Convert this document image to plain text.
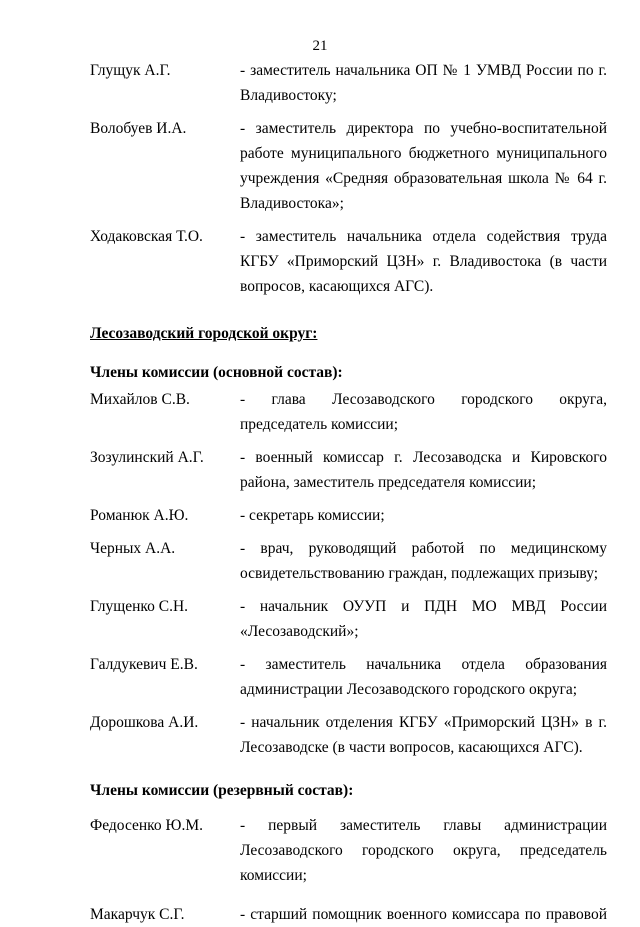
21
Глущук А.Г.	- заместитель начальника ОП № 1 УМВД России по г. Владивостоку;
Волобуев И.А.	- заместитель директора по учебно-воспитательной работе муниципального бюджетного муниципального учреждения «Средняя образовательная школа № 64 г. Владивостока»;
Ходаковская Т.О.	- заместитель начальника отдела содействия труда КГБУ «Приморский ЦЗН» г. Владивостока (в части вопросов, касающихся АГС).
Лесозаводский городской округ:
Члены комиссии (основной состав):
Михайлов С.В.	- глава Лесозаводского городского округа, председатель комиссии;
Зозулинский А.Г.	- военный комиссар г. Лесозаводска и Кировского района, заместитель председателя комиссии;
Романюк А.Ю.	- секретарь комиссии;
Черных А.А.	- врач, руководящий работой по медицинскому освидетельствованию граждан, подлежащих призыву;
Глущенко С.Н.	- начальник ОУУП и ПДН МО МВД России «Лесозаводский»;
Галдукевич Е.В.	- заместитель начальника отдела образования администрации Лесозаводского городского округа;
Дорошкова А.И.	- начальник отделения КГБУ «Приморский ЦЗН» в г. Лесозаводске (в части вопросов, касающихся АГС).
Члены комиссии (резервный состав):
Федосенко Ю.М.	- первый заместитель главы администрации Лесозаводского городского округа, председатель комиссии;
Макарчук С.Г.	- старший помощник военного комиссара по правовой
